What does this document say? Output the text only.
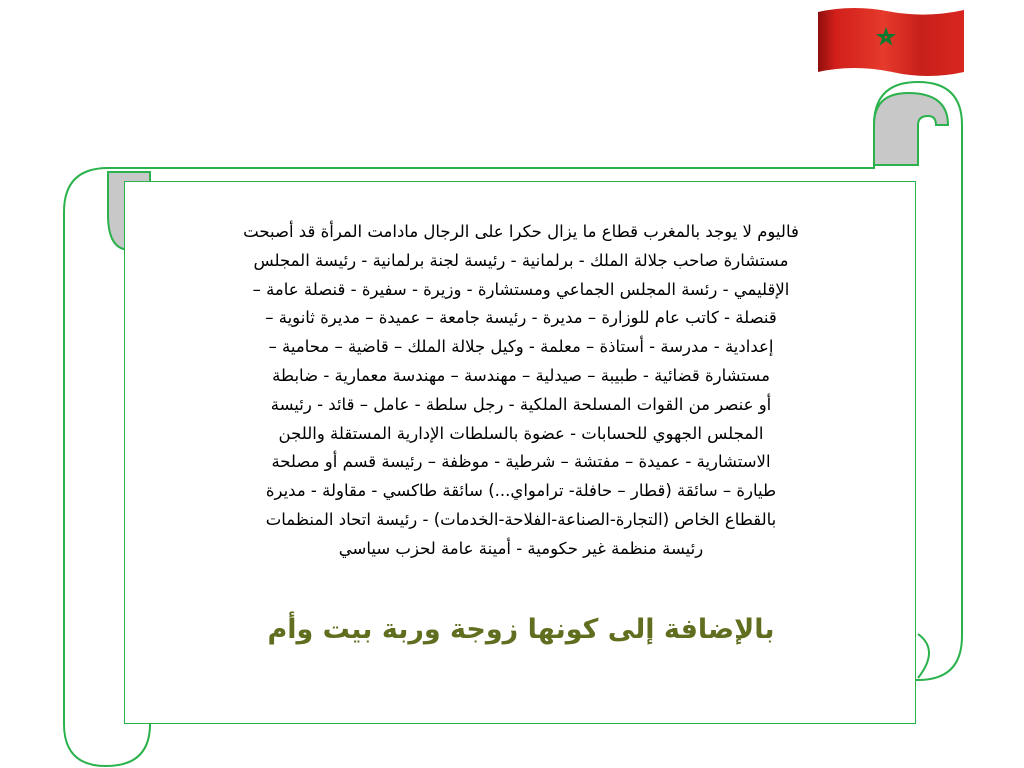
فاليوم لا يوجد بالمغرب قطاع ما يزال حكرا على الرجال مادامت المرأة قد أصبحت
مستشارة صاحب جلالة الملك - برلمانية - رئيسة لجنة برلمانية - رئيسة المجلس
الإقليمي - رئسة المجلس الجماعي ومستشارة - وزيرة - سفيرة - قنصلة عامة –
قنصلة - كاتب عام للوزارة – مديرة - رئيسة جامعة – عميدة – مديرة ثانوية –
إعدادية - مدرسة - أستاذة – معلمة - وكيل جلالة الملك – قاضية – محامية –
مستشارة قضائية - طبيبة – صيدلية – مهندسة – مهندسة معمارية - ضابطة
أو عنصر من القوات المسلحة الملكية - رجل سلطة - عامل – قائد - رئيسة
المجلس الجهوي للحسابات - عضوة بالسلطات الإدارية المستقلة واللجن
الاستشارية - عميدة – مفتشة – شرطية - موظفة – رئيسة قسم أو مصلحة
طيارة – سائقة (قطار – حافلة- ترامواي...) سائقة طاكسي - مقاولة - مديرة
بالقطاع الخاص (التجارة-الصناعة-الفلاحة-الخدمات) - رئيسة اتحاد المنظمات
رئيسة منظمة غير حكومية - أمينة عامة لحزب سياسي
بالإضافة إلى كونها زوجة وربة بيت وأم
